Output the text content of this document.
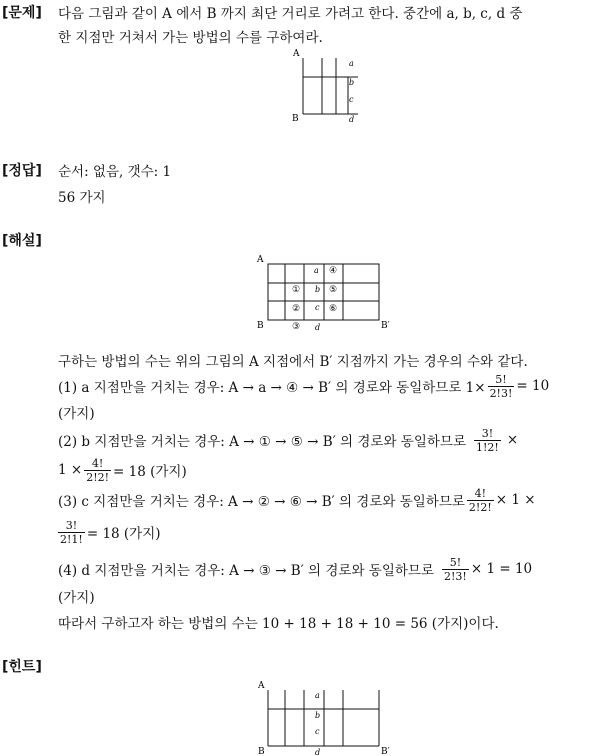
[문제] 다음 그림과 같이 A 에서 B 까지 최단 거리로 가려고 한다. 중간에 a, b, c, d 중
한 지점만 거쳐서 가는 방법의 수를 구하여라.
A
B
a
b
c
d
[정답] 순서: 없음, 갯수: 1
56 가지
[해설]
A
B	B′
a
b
c
d
①
②
③
④
⑤
⑥
구하는 방법의 수는 위의 그림의 A 지점에서 B′ 지점까지 가는 경우의 수와 같다.
(1) a 지점만을 거치는 경우: A → a → ④ → B′ 의 경로와 동일하므로 $1\times \frac{5!}{2!3!} = 10$
(가지)
(2) b 지점만을 거치는 경우: A → ① → ⑤ → B′ 의 경로와 동일하므로 $\frac{3!}{1!2!}$ ×
$1 \times \frac{4!}{2!2!} = 18$ (가지)
(3) c 지점만을 거치는 경우: A → ② → ⑥ → B′ 의 경로와 동일하므로 $\frac{4!}{2!2!} \times 1$ ×
$\frac{3!}{2!1!} = 18$ (가지)
(4) d 지점만을 거치는 경우: A → ③ → B′ 의 경로와 동일하므로 $\frac{5!}{2!3!} \times 1 = 10$
(가지)
따라서 구하고자 하는 방법의 수는 10 + 18 + 18 + 10 = 56 (가지)이다.
[힌트]
A
B	B′
a
b
c
d
